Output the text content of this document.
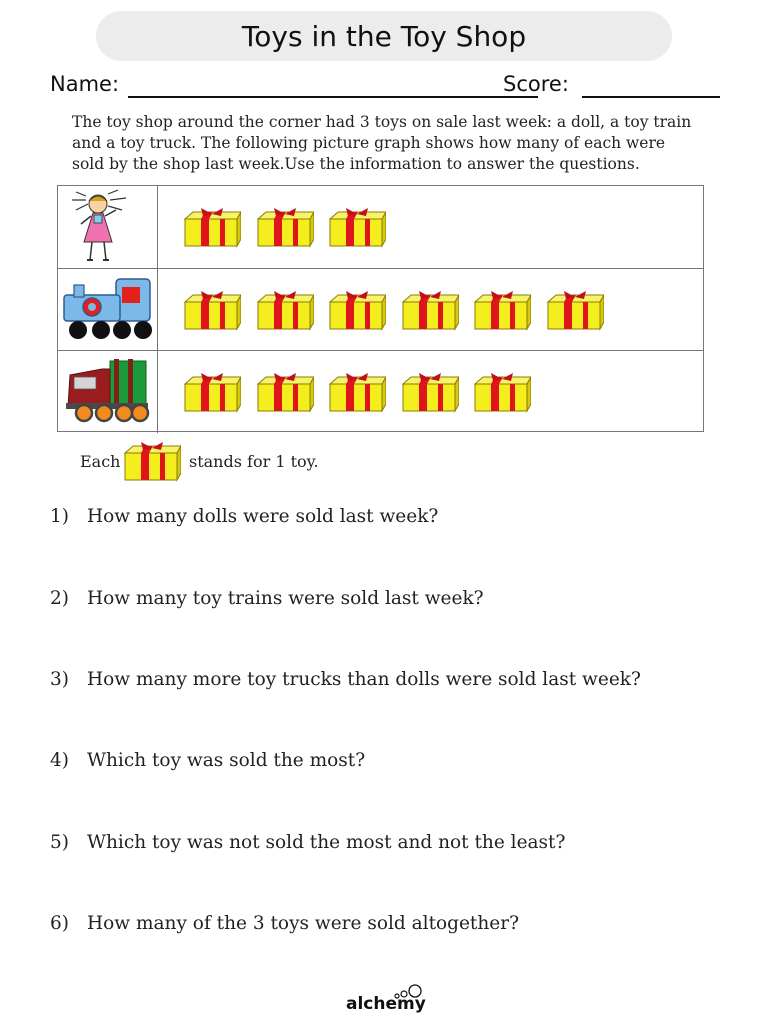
Toys in the Toy Shop
Name:	Score:
The toy shop around the corner had 3 toys on sale last week: a doll, a toy train and a toy truck. The following picture graph shows how many of each were sold by the shop last week.Use the information to answer the questions.
Each	stands for 1 toy.
1) How many dolls were sold last week?
2) How many toy trains were sold last week?
3) How many more toy trucks than dolls were sold last week?
4) Which toy was sold the most?
5) Which toy was not sold the most and not the least?
6) How many of the 3 toys were sold altogether?
alchemy
